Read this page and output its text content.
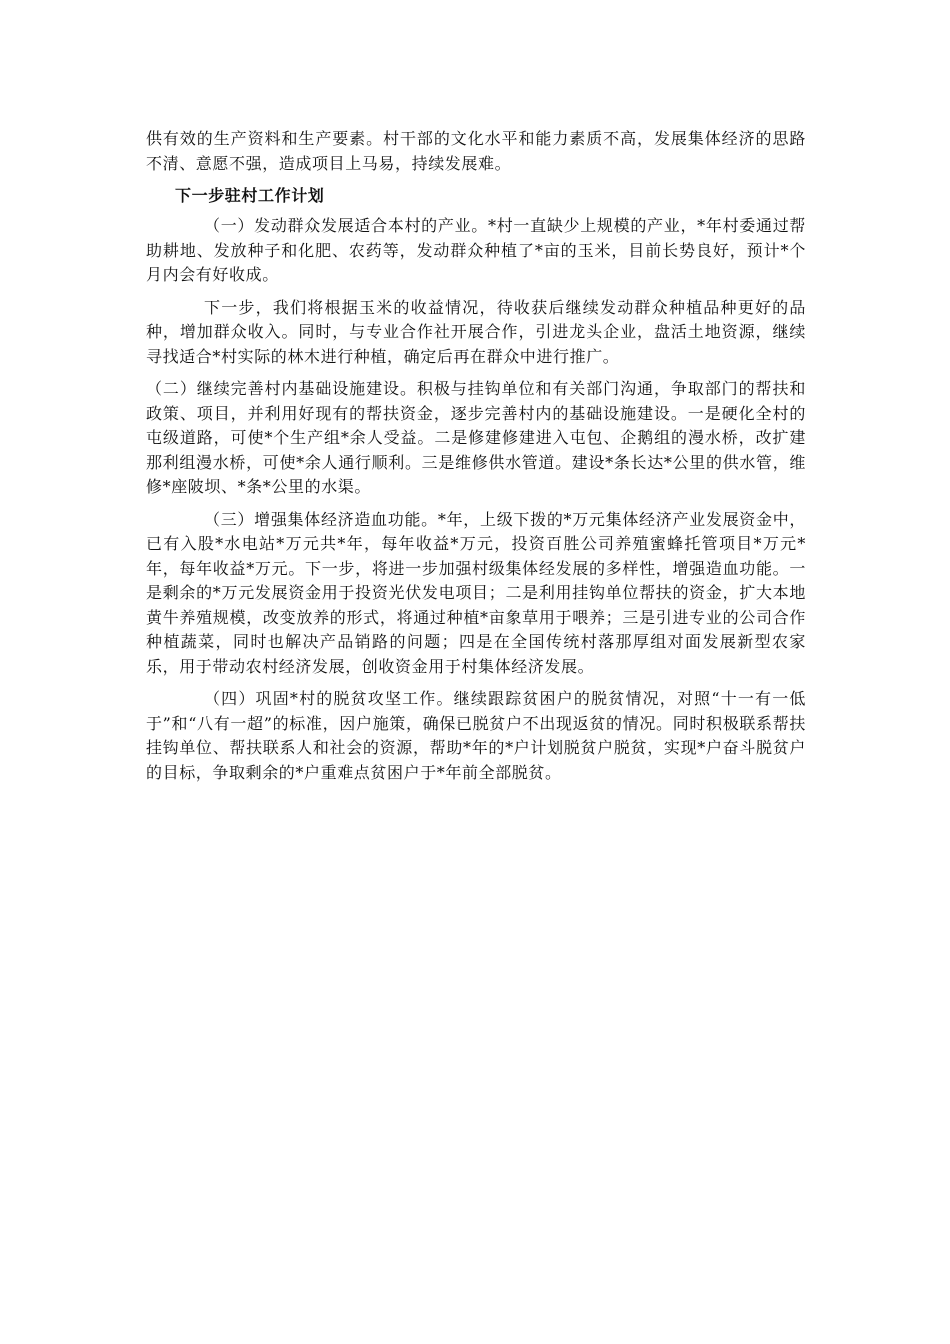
供有效的生产资料和生产要素。村干部的文化水平和能力素质不高，发展集体经济的思路不清、意愿不强，造成项目上马易，持续发展难。

下一步驻村工作计划

（一）发动群众发展适合本村的产业。*村一直缺少上规模的产业，*年村委通过帮助耕地、发放种子和化肥、农药等，发动群众种植了*亩的玉米，目前长势良好，预计*个月内会有好收成。

下一步，我们将根据玉米的收益情况，待收获后继续发动群众种植品种更好的品种，增加群众收入。同时，与专业合作社开展合作，引进龙头企业，盘活土地资源，继续寻找适合*村实际的林木进行种植，确定后再在群众中进行推广。

（二）继续完善村内基础设施建设。积极与挂钩单位和有关部门沟通，争取部门的帮扶和政策、项目，并利用好现有的帮扶资金，逐步完善村内的基础设施建设。一是硬化全村的屯级道路，可使*个生产组*余人受益。二是修建修建进入屯包、企鹅组的漫水桥，改扩建那利组漫水桥，可使*余人通行顺利。三是维修供水管道。建设*条长达*公里的供水管，维修*座陂坝、*条*公里的水渠。

（三）增强集体经济造血功能。*年，上级下拨的*万元集体经济产业发展资金中，已有入股*水电站*万元共*年，每年收益*万元，投资百胜公司养殖蜜蜂托管项目*万元*年，每年收益*万元。下一步，将进一步加强村级集体经发展的多样性，增强造血功能。一是剩余的*万元发展资金用于投资光伏发电项目；二是利用挂钩单位帮扶的资金，扩大本地黄牛养殖规模，改变放养的形式，将通过种植*亩象草用于喂养；三是引进专业的公司合作种植蔬菜，同时也解决产品销路的问题；四是在全国传统村落那厚组对面发展新型农家乐，用于带动农村经济发展，创收资金用于村集体经济发展。

（四）巩固*村的脱贫攻坚工作。继续跟踪贫困户的脱贫情况，对照“十一有一低于”和“八有一超”的标准，因户施策，确保已脱贫户不出现返贫的情况。同时积极联系帮扶挂钩单位、帮扶联系人和社会的资源，帮助*年的*户计划脱贫户脱贫，实现*户奋斗脱贫户的目标，争取剩余的*户重难点贫困户于*年前全部脱贫。
